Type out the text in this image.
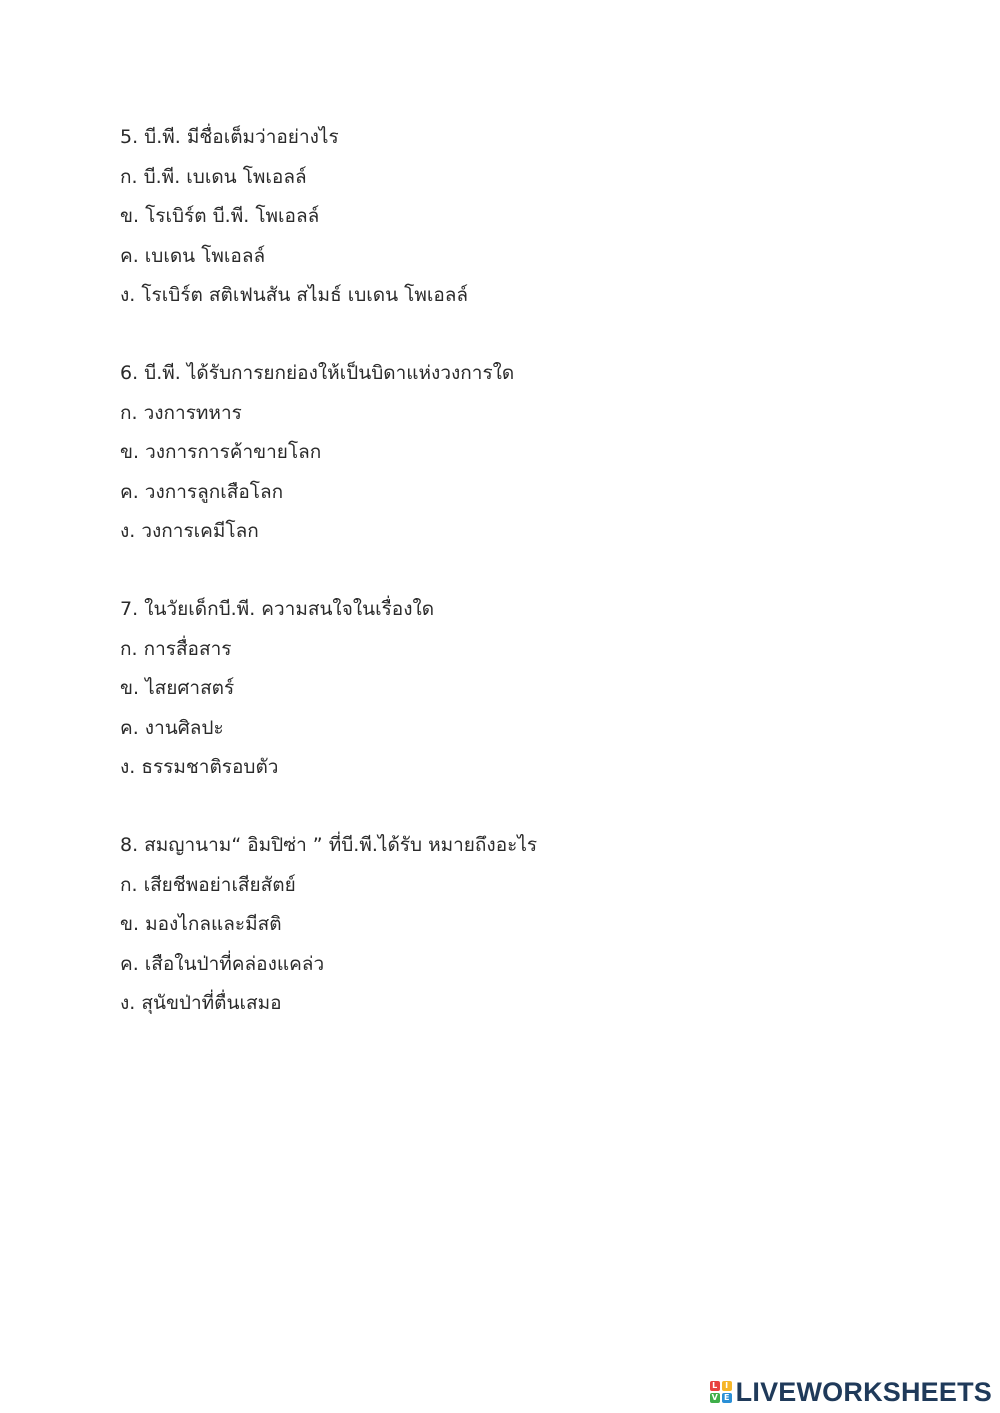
5. บี.พี. มีชื่อเต็มว่าอย่างไร
ก. บี.พี. เบเดน โพเอลล์
ข. โรเบิร์ต บี.พี. โพเอลล์
ค. เบเดน โพเอลล์
ง. โรเบิร์ต สติเฟนสัน สไมธ์ เบเดน โพเอลล์
6. บี.พี. ได้รับการยกย่องให้เป็นบิดาแห่งวงการใด
ก. วงการทหาร
ข. วงการการค้าขายโลก
ค. วงการลูกเสือโลก
ง. วงการเคมีโลก
7. ในวัยเด็กบี.พี. ความสนใจในเรื่องใด
ก. การสื่อสาร
ข. ไสยศาสตร์
ค. งานศิลปะ
ง. ธรรมชาติรอบตัว
8. สมญานาม“ อิมปิซ่า ” ที่บี.พี.ได้รับ หมายถึงอะไร
ก. เสียชีพอย่าเสียสัตย์
ข. มองไกลและมีสติ
ค. เสือในป่าที่คล่องแคล่ว
ง. สุนัขป่าที่ตื่นเสมอ
L I
V E LIVEWORKSHEETS
